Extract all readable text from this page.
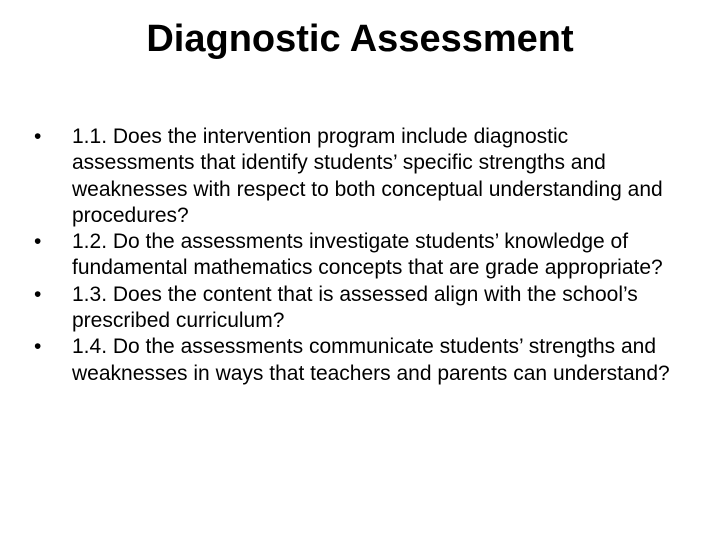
Diagnostic Assessment
• 1.1. Does the intervention program include diagnostic assessments that identify students’ specific strengths and weaknesses with respect to both conceptual understanding and procedures?
• 1.2. Do the assessments investigate students’ knowledge of fundamental mathematics concepts that are grade appropriate?
• 1.3. Does the content that is assessed align with the school’s prescribed curriculum?
• 1.4. Do the assessments communicate students’ strengths and weaknesses in ways that teachers and parents can understand?
